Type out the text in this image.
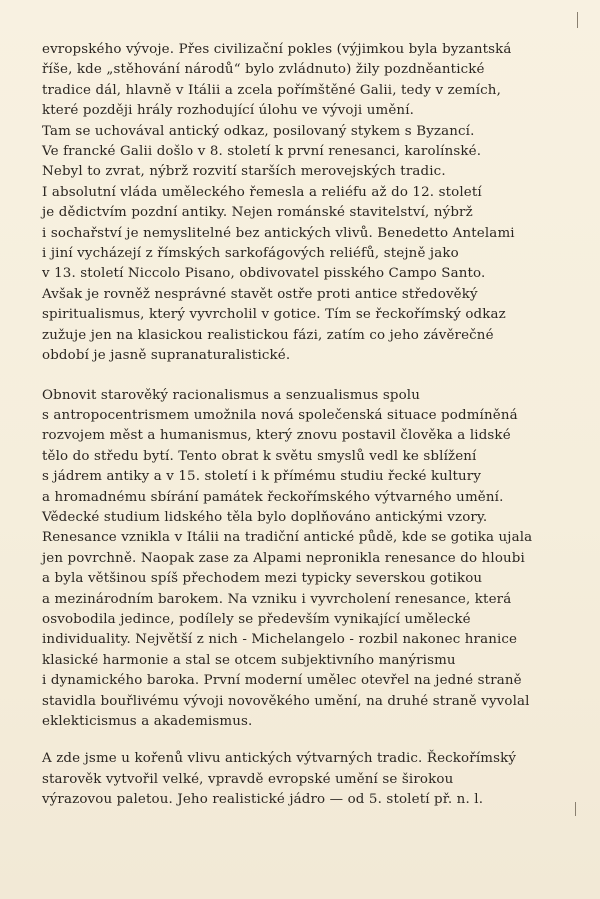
evropského vývoje. Přes civilizační pokles (výjimkou byla byzantská
říše, kde „stěhování národů“ bylo zvládnuto) žily pozdněantické
tradice dál, hlavně v Itálii a zcela pořímštěné Galii, tedy v zemích,
které později hrály rozhodující úlohu ve vývoji umění.
Tam se uchovával antický odkaz, posilovaný stykem s Byzancí.
Ve francké Galii došlo v 8. století k první renesanci, karolínské.
Nebyl to zvrat, nýbrž rozvití starších merovejských tradic.
I absolutní vláda uměleckého řemesla a reliéfu až do 12. století
je dědictvím pozdní antiky. Nejen románské stavitelství, nýbrž
i sochařství je nemyslitelné bez antických vlivů. Benedetto Antelami
i jiní vycházejí z římských sarkofágových reliéfů, stejně jako
v 13. století Niccolo Pisano, obdivovatel pisského Campo Santo.
Avšak je rovněž nesprávné stavět ostře proti antice středověký
spiritualismus, který vyvrcholil v gotice. Tím se řeckořímský odkaz
zužuje jen na klasickou realistickou fázi, zatím co jeho závěrečné
období je jasně supranaturalistické.
Obnovit starověký racionalismus a senzualismus spolu
s antropocentrismem umožnila nová společenská situace podmíněná
rozvojem měst a humanismus, který znovu postavil člověka a lidské
tělo do středu bytí. Tento obrat k světu smyslů vedl ke sblížení
s jádrem antiky a v 15. století i k přímému studiu řecké kultury
a hromadnému sbírání památek řeckořímského výtvarného umění.
Vědecké studium lidského těla bylo doplňováno antickými vzory.
Renesance vznikla v Itálii na tradiční antické půdě, kde se gotika ujala
jen povrchně. Naopak zase za Alpami nepronikla renesance do hloubi
a byla většinou spíš přechodem mezi typicky severskou gotikou
a mezinárodním barokem. Na vzniku i vyvrcholení renesance, která
osvobodila jedince, podílely se především vynikající umělecké
individuality. Největší z nich - Michelangelo - rozbil nakonec hranice
klasické harmonie a stal se otcem subjektivního manýrismu
i dynamického baroka. První moderní umělec otevřel na jedné straně
stavidla bouřlivému vývoji novověkého umění, na druhé straně vyvolal
eklekticismus a akademismus.
A zde jsme u kořenů vlivu antických výtvarných tradic. Řeckořímský
starověk vytvořil velké, vpravdě evropské umění se širokou
výrazovou paletou. Jeho realistické jádro — od 5. století př. n. l.
